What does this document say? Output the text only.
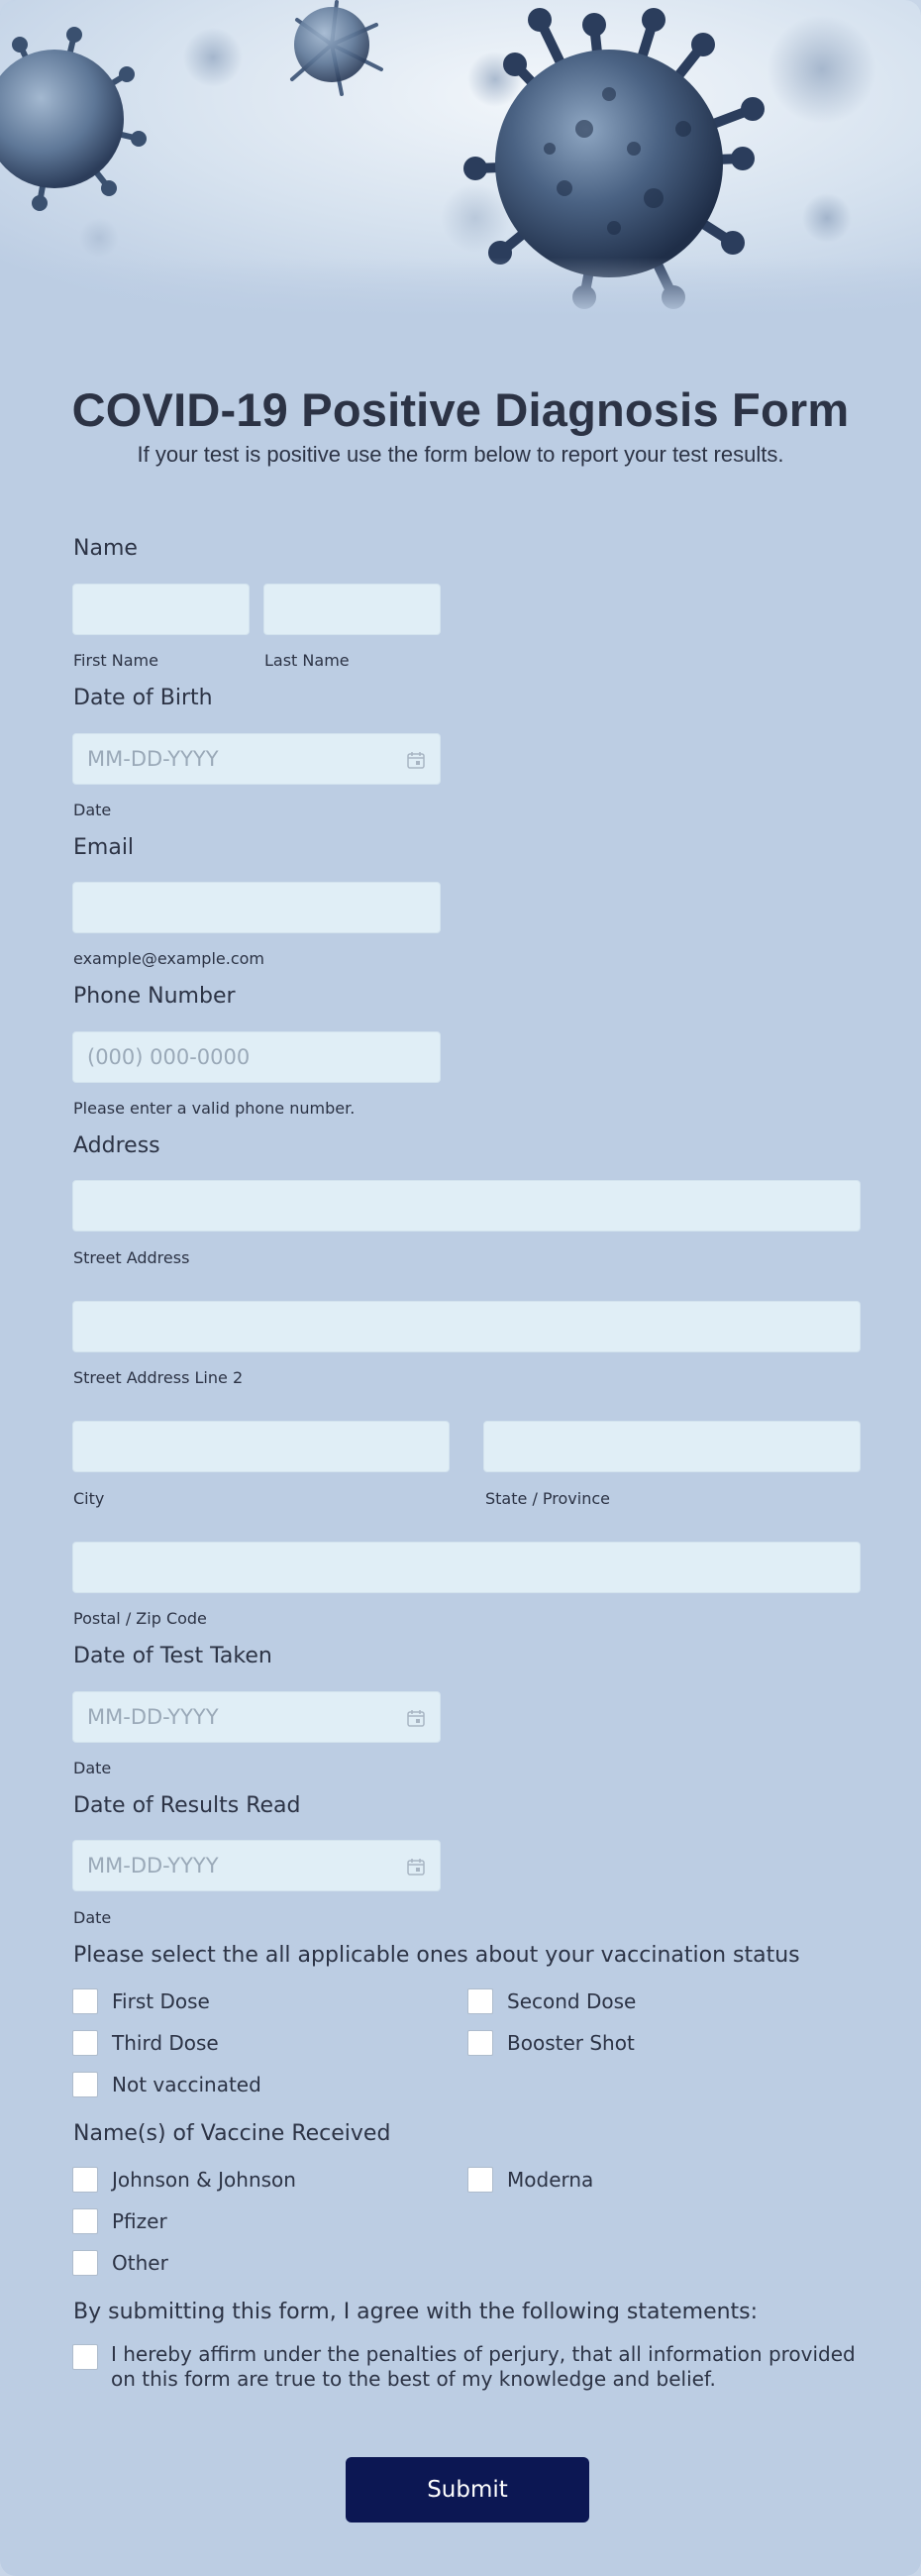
COVID-19 Positive Diagnosis Form
If your test is positive use the form below to report your test results.
Name
First Name	Last Name
Date of Birth
MM-DD-YYYY
Date
Email
example@example.com
Phone Number
(000) 000-0000
Please enter a valid phone number.
Address
Street Address
Street Address Line 2
City	State / Province
Postal / Zip Code
Date of Test Taken
MM-DD-YYYY
Date
Date of Results Read
MM-DD-YYYY
Date
Please select the all applicable ones about your vaccination status
First Dose	Second Dose
Third Dose	Booster Shot
Not vaccinated
Name(s) of Vaccine Received
Johnson & Johnson	Moderna
Pfizer
Other
By submitting this form, I agree with the following statements:
I hereby affirm under the penalties of perjury, that all information provided on this form are true to the best of my knowledge and belief.
Submit
